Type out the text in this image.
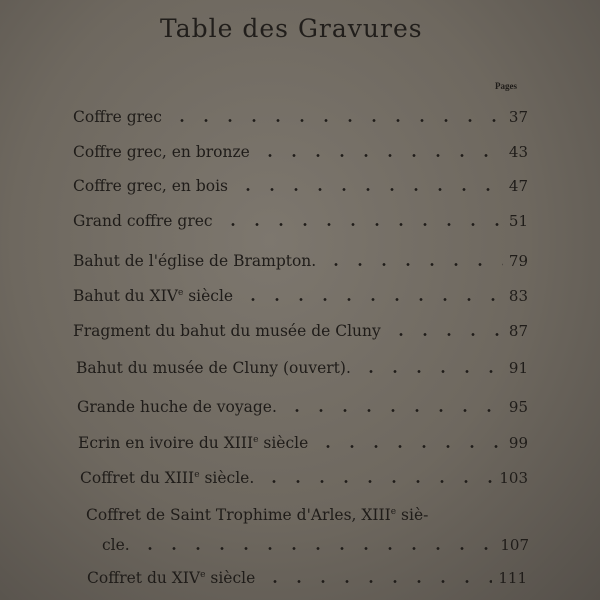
Table des Gravures
Pages
Coffre grec	37
Coffre grec, en bronze	43
Coffre grec, en bois	47
Grand coffre grec	51
Bahut de l'église de Brampton.	79
Bahut du XIVe siècle	83
Fragment du bahut du musée de Cluny	87
Bahut du musée de Cluny (ouvert).	91
Grande huche de voyage.	95
Ecrin en ivoire du XIIIe siècle	99
Coffret du XIIIe siècle.	103
Coffret de Saint Trophime d'Arles, XIIIe siè-
cle.	107
Coffret du XIVe siècle	111
